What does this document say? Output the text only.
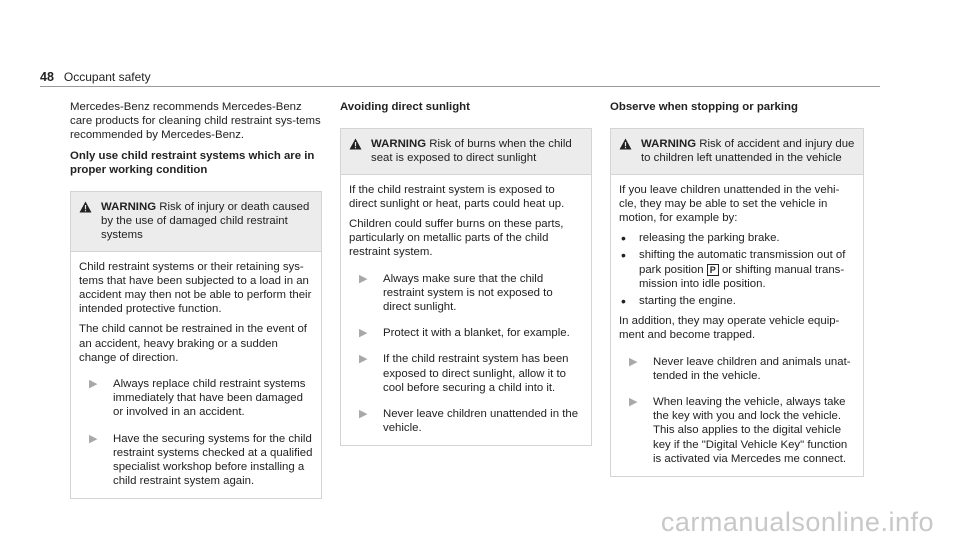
48 Occupant safety

Mercedes-Benz recommends Mercedes-Benz care products for cleaning child restraint sys-tems recommended by Mercedes-Benz.

Only use child restraint systems which are in proper working condition

WARNING Risk of injury or death caused by the use of damaged child restraint systems

Child restraint systems or their retaining sys-tems that have been subjected to a load in an accident may then not be able to perform their intended protective function.

The child cannot be restrained in the event of an accident, heavy braking or a sudden change of direction.

▶	Always replace child restraint systems immediately that have been damaged or involved in an accident.
▶	Have the securing systems for the child restraint systems checked at a qualified specialist workshop before installing a child restraint system again.
Avoiding direct sunlight
WARNING Risk of burns when the child seat is exposed to direct sunlight

If the child restraint system is exposed to direct sunlight or heat, parts could heat up.

Children could suffer burns on these parts, particularly on metallic parts of the child restraint system.

▶	Always make sure that the child restraint system is not exposed to direct sunlight.
▶	Protect it with a blanket, for example.
▶	If the child restraint system has been exposed to direct sunlight, allow it to cool before securing a child into it.
▶	Never leave children unattended in the vehicle.
Observe when stopping or parking
WARNING Risk of accident and injury due to children left unattended in the vehicle

If you leave children unattended in the vehi-cle, they may be able to set the vehicle in motion, for example by:

•	releasing the parking brake.
•	shifting the automatic transmission out of park position P or shifting manual trans-mission into idle position.
•	starting the engine.

In addition, they may operate vehicle equip-ment and become trapped.

▶	Never leave children and animals unat-tended in the vehicle.
▶	When leaving the vehicle, always take the key with you and lock the vehicle. This also applies to the digital vehicle key if the "Digital Vehicle Key" function is activated via Mercedes me connect.
carmanualsonline.info
